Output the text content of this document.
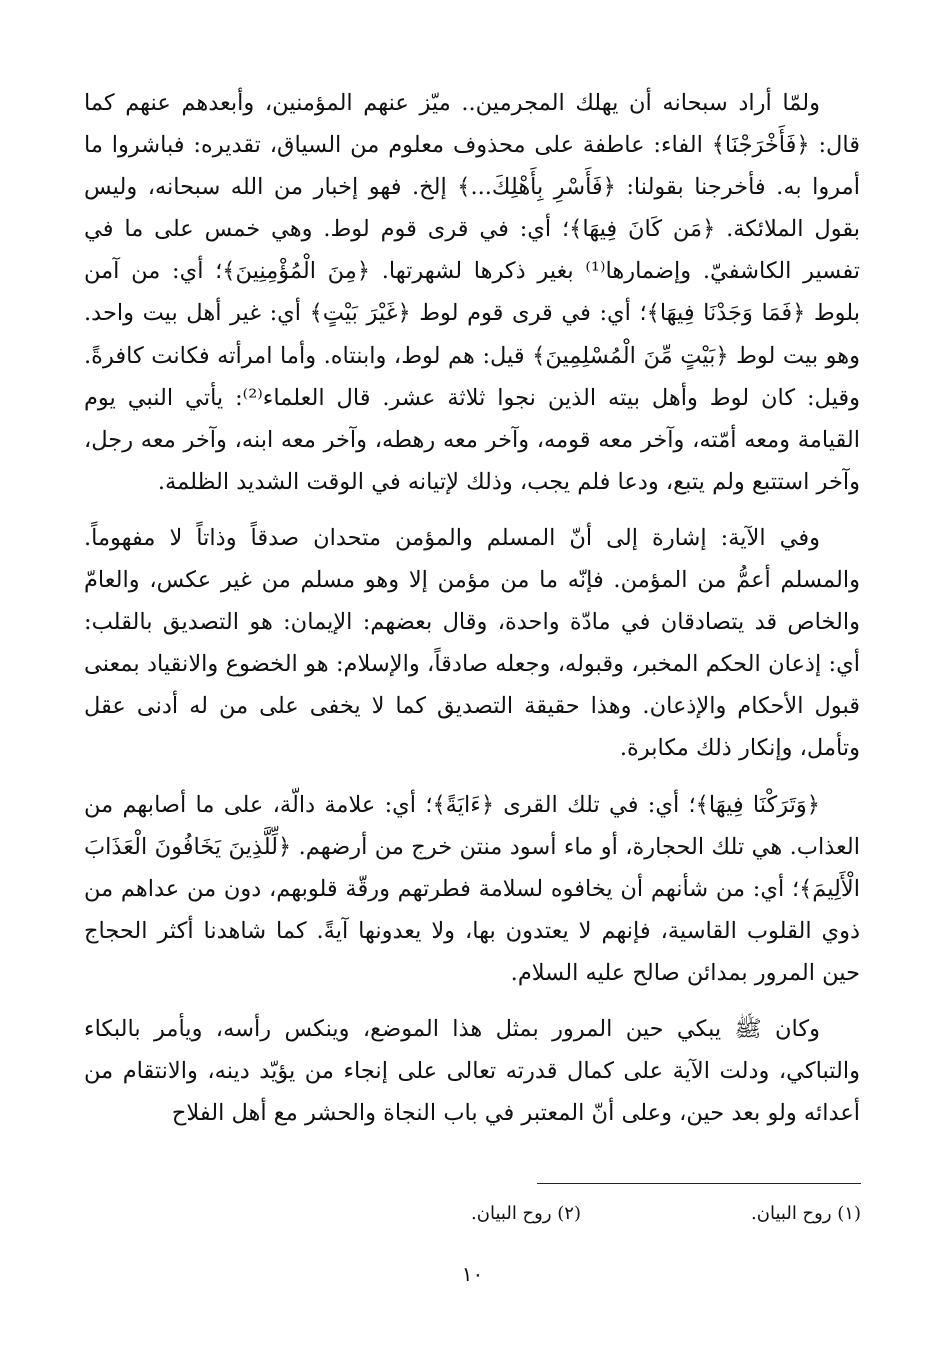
ولمّا أراد سبحانه أن يهلك المجرمين.. ميّز عنهم المؤمنين، وأبعدهم عنهم كما قال: ﴿فَأَخْرَجْنَا﴾ الفاء: عاطفة على محذوف معلوم من السياق، تقديره: فباشروا ما أمروا به. فأخرجنا بقولنا: ﴿فَأَسْرِ بِأَهْلِكَ...﴾ إلخ. فهو إخبار من الله سبحانه، وليس بقول الملائكة. ﴿مَن كَانَ فِيهَا﴾؛ أي: في قرى قوم لوط. وهي خمس على ما في تفسير الكاشفيّ. وإضمارها⁽¹⁾ بغير ذكرها لشهرتها. ﴿مِنَ الْمُؤْمِنِينَ﴾؛ أي: من آمن بلوط ﴿فَمَا وَجَدْنَا فِيهَا﴾؛ أي: في قرى قوم لوط ﴿غَيْرَ بَيْتٍ﴾ أي: غير أهل بيت واحد. وهو بيت لوط ﴿بَيْتٍ مِّنَ الْمُسْلِمِينَ﴾ قيل: هم لوط، وابنتاه. وأما امرأته فكانت كافرةً. وقيل: كان لوط وأهل بيته الذين نجوا ثلاثة عشر. قال العلماء⁽²⁾: يأتي النبي يوم القيامة ومعه أمّته، وآخر معه قومه، وآخر معه رهطه، وآخر معه ابنه، وآخر معه رجل، وآخر استتبع ولم يتبع، ودعا فلم يجب، وذلك لإتيانه في الوقت الشديد الظلمة.

وفي الآية: إشارة إلى أنّ المسلم والمؤمن متحدان صدقاً وذاتاً لا مفهوماً. والمسلم أعمُّ من المؤمن. فإنّه ما من مؤمن إلا وهو مسلم من غير عكس، والعامّ والخاص قد يتصادقان في مادّة واحدة، وقال بعضهم: الإيمان: هو التصديق بالقلب: أي: إذعان الحكم المخبر، وقبوله، وجعله صادقاً، والإسلام: هو الخضوع والانقياد بمعنى قبول الأحكام والإذعان. وهذا حقيقة التصديق كما لا يخفى على من له أدنى عقل وتأمل، وإنكار ذلك مكابرة.

﴿وَتَرَكْنَا فِيهَا﴾؛ أي: في تلك القرى ﴿ءَايَةً﴾؛ أي: علامة دالّة، على ما أصابهم من العذاب. هي تلك الحجارة، أو ماء أسود منتن خرج من أرضهم. ﴿لِّلَّذِينَ يَخَافُونَ الْعَذَابَ الْأَلِيمَ﴾؛ أي: من شأنهم أن يخافوه لسلامة فطرتهم ورقّة قلوبهم، دون من عداهم من ذوي القلوب القاسية، فإنهم لا يعتدون بها، ولا يعدونها آيةً. كما شاهدنا أكثر الحجاج حين المرور بمدائن صالح عليه السلام.

وكان ﷺ يبكي حين المرور بمثل هذا الموضع، وينكس رأسه، ويأمر بالبكاء والتباكي، ودلت الآية على كمال قدرته تعالى على إنجاء من يؤيّد دينه، والانتقام من أعدائه ولو بعد حين، وعلى أنّ المعتبر في باب النجاة والحشر مع أهل الفلاح

(١) روح البيان.
(٢) روح البيان.
١٠
